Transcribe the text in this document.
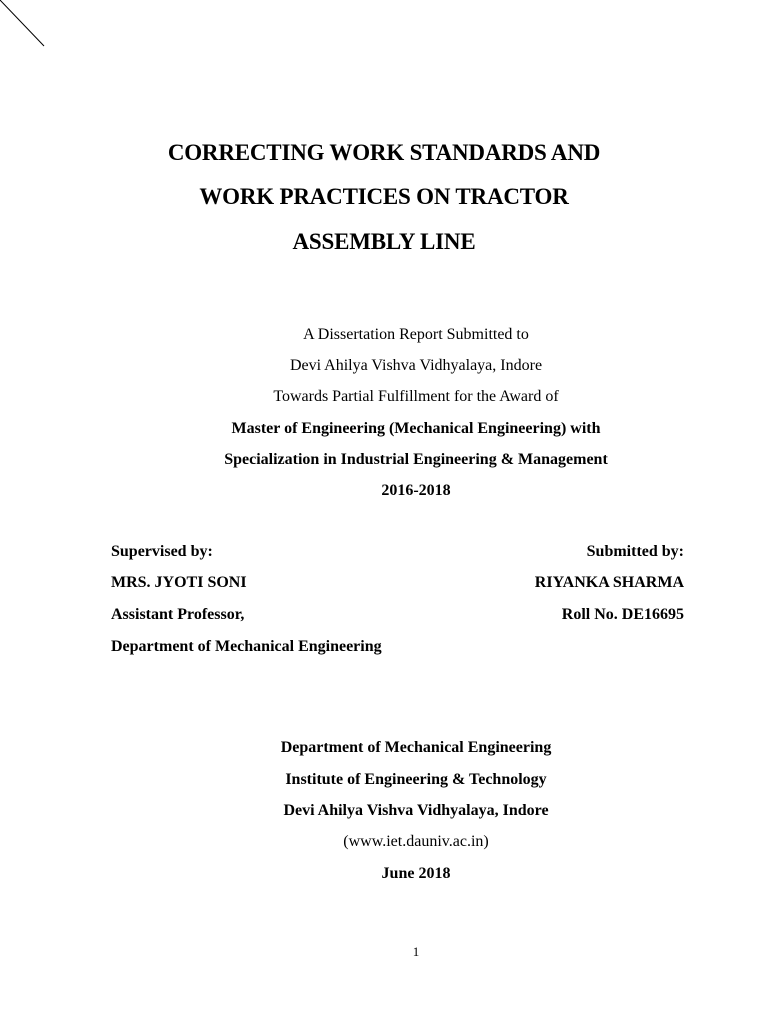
CORRECTING WORK STANDARDS AND
WORK PRACTICES ON TRACTOR
ASSEMBLY LINE
A Dissertation Report Submitted to
Devi Ahilya Vishva Vidhyalaya, Indore
Towards Partial Fulfillment for the Award of
Master of Engineering (Mechanical Engineering) with
Specialization in Industrial Engineering & Management
2016-2018
Supervised by:
MRS. JYOTI SONI
Assistant Professor,
Department of Mechanical Engineering
Submitted by:
RIYANKA SHARMA
Roll No. DE16695
Department of Mechanical Engineering
Institute of Engineering & Technology
Devi Ahilya Vishva Vidhyalaya, Indore
(www.iet.dauniv.ac.in)
June 2018
1
